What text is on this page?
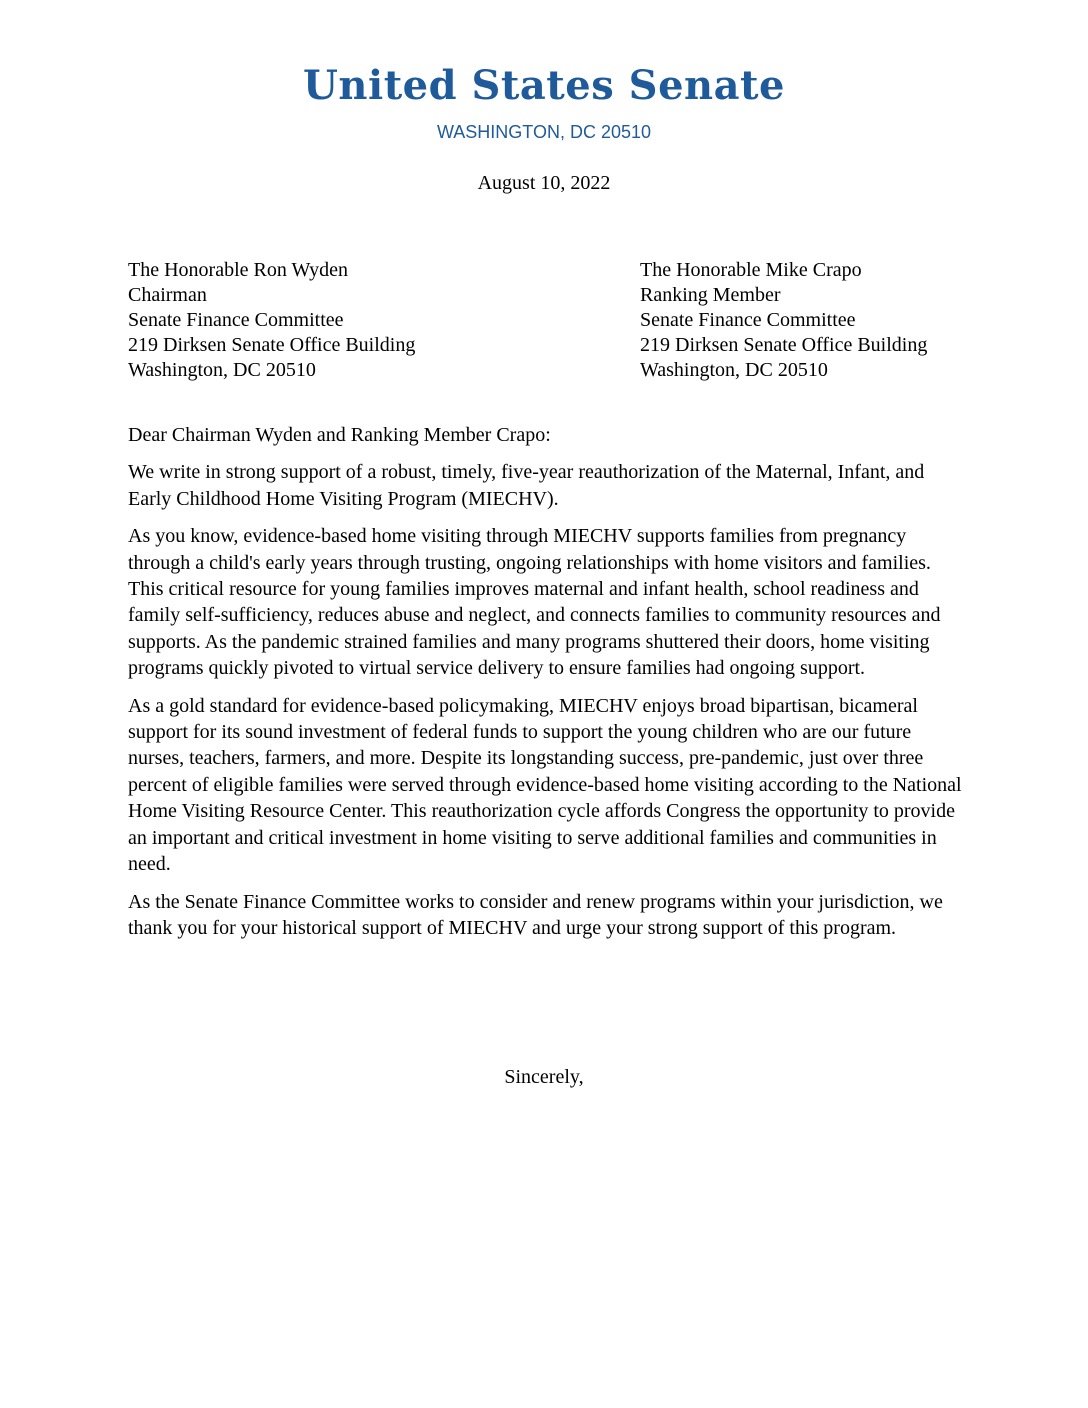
United States Senate
WASHINGTON, DC 20510
August 10, 2022
The Honorable Ron Wyden
Chairman
Senate Finance Committee
219 Dirksen Senate Office Building
Washington, DC 20510
The Honorable Mike Crapo
Ranking Member
Senate Finance Committee
219 Dirksen Senate Office Building
Washington, DC 20510

Dear Chairman Wyden and Ranking Member Crapo:

We write in strong support of a robust, timely, five-year reauthorization of the Maternal, Infant, and Early Childhood Home Visiting Program (MIECHV).

As you know, evidence-based home visiting through MIECHV supports families from pregnancy through a child's early years through trusting, ongoing relationships with home visitors and families. This critical resource for young families improves maternal and infant health, school readiness and family self-sufficiency, reduces abuse and neglect, and connects families to community resources and supports. As the pandemic strained families and many programs shuttered their doors, home visiting programs quickly pivoted to virtual service delivery to ensure families had ongoing support.

As a gold standard for evidence-based policymaking, MIECHV enjoys broad bipartisan, bicameral support for its sound investment of federal funds to support the young children who are our future nurses, teachers, farmers, and more. Despite its longstanding success, pre-pandemic, just over three percent of eligible families were served through evidence-based home visiting according to the National Home Visiting Resource Center. This reauthorization cycle affords Congress the opportunity to provide an important and critical investment in home visiting to serve additional families and communities in need.

As the Senate Finance Committee works to consider and renew programs within your jurisdiction, we thank you for your historical support of MIECHV and urge your strong support of this program.

Sincerely,
